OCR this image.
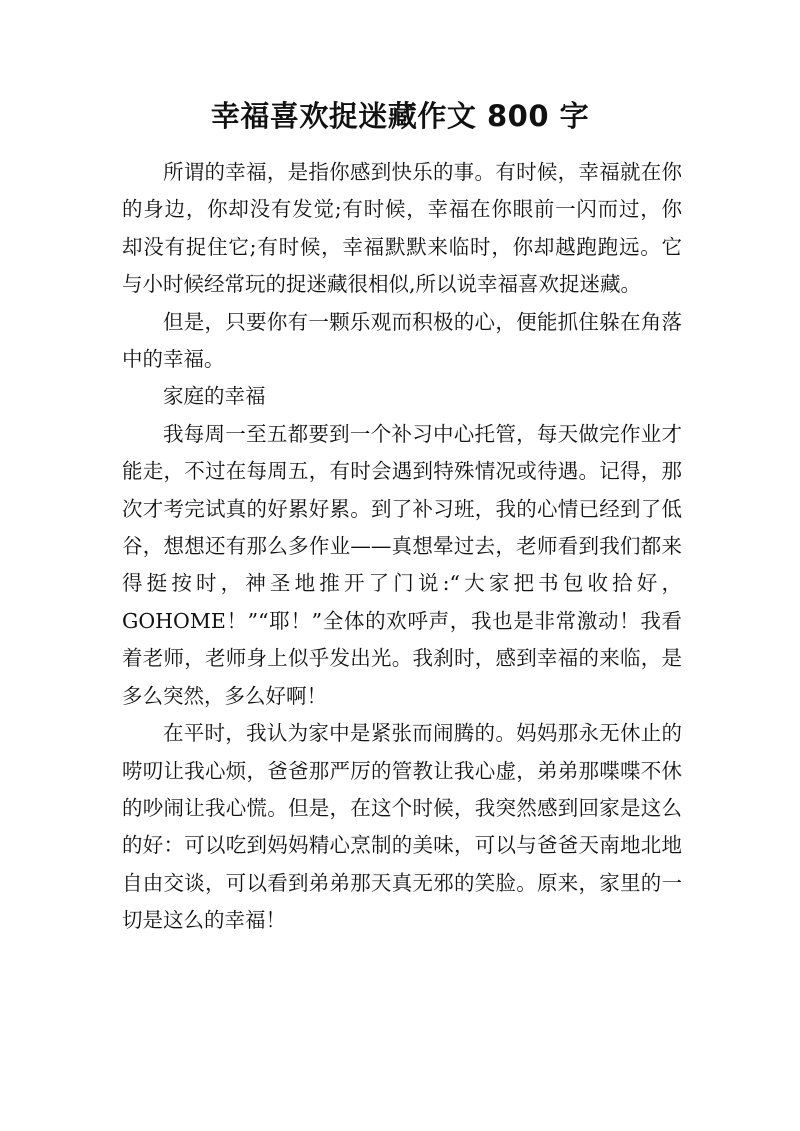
幸福喜欢捉迷藏作文 800 字

所谓的幸福，是指你感到快乐的事。有时候，幸福就在你的身边，你却没有发觉;有时候，幸福在你眼前一闪而过，你却没有捉住它;有时候，幸福默默来临时，你却越跑跑远。它与小时候经常玩的捉迷藏很相似,所以说幸福喜欢捉迷藏。

但是，只要你有一颗乐观而积极的心，便能抓住躲在角落中的幸福。

家庭的幸福

我每周一至五都要到一个补习中心托管，每天做完作业才能走，不过在每周五，有时会遇到特殊情况或待遇。记得，那次才考完试真的好累好累。到了补习班，我的心情已经到了低谷，想想还有那么多作业——真想晕过去，老师看到我们都来得挺按时，神圣地推开了门说:“大家把书包收拾好，GOHOME！”“耶！”全体的欢呼声，我也是非常激动！我看着老师，老师身上似乎发出光。我刹时，感到幸福的来临，是多么突然，多么好啊！

在平时，我认为家中是紧张而闹腾的。妈妈那永无休止的唠叨让我心烦，爸爸那严厉的管教让我心虚，弟弟那喋喋不休的吵闹让我心慌。但是，在这个时候，我突然感到回家是这么的好：可以吃到妈妈精心烹制的美味，可以与爸爸天南地北地自由交谈，可以看到弟弟那天真无邪的笑脸。原来，家里的一切是这么的幸福！
